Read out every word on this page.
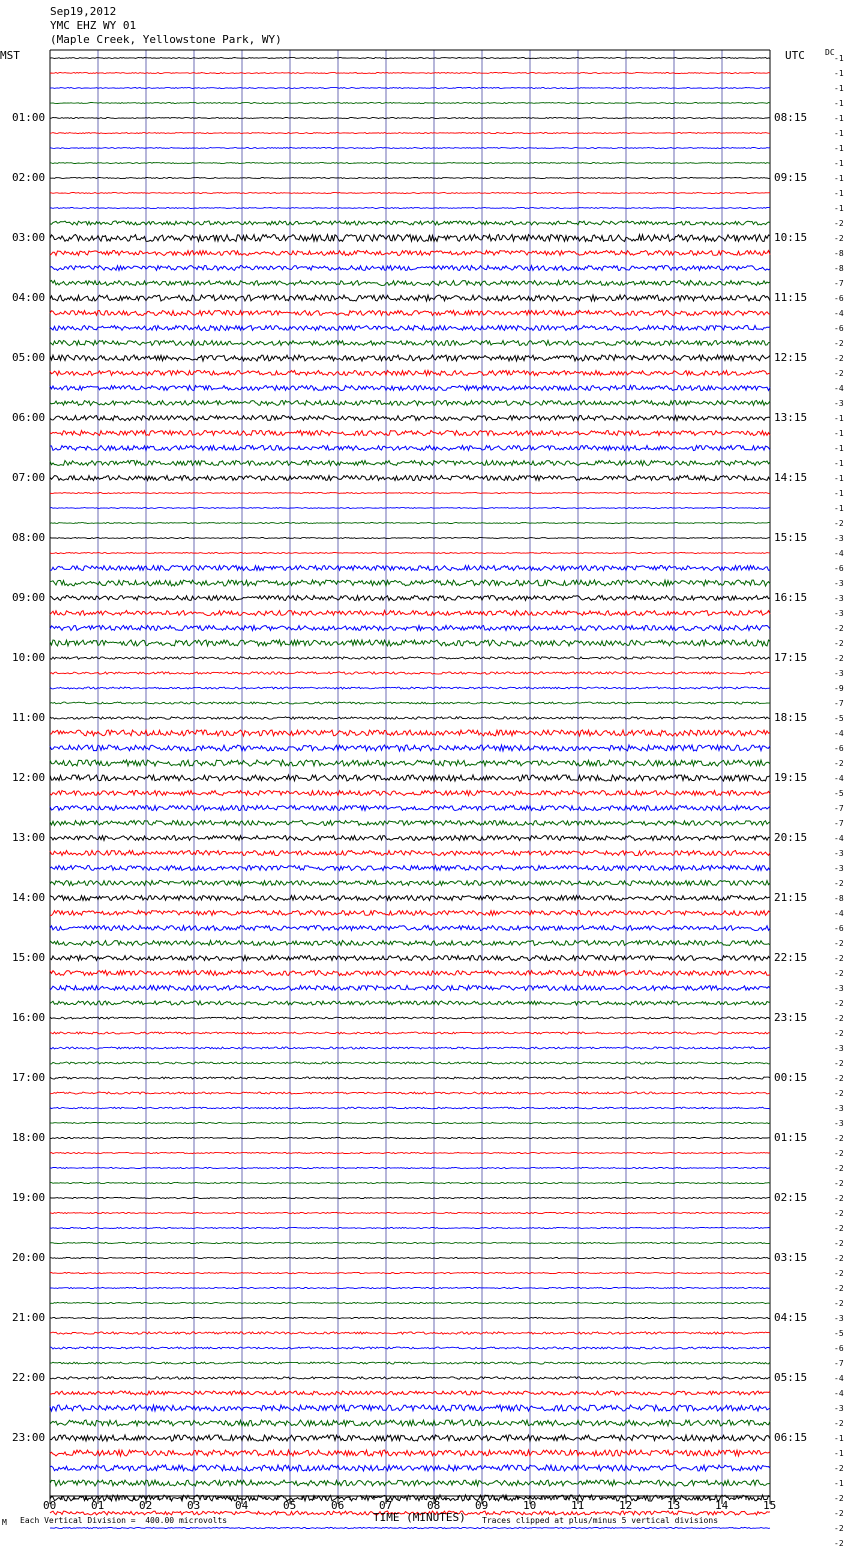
Sep19,2012
YMC EHZ WY 01
(Maple Creek, Yellowstone Park, WY)
MST	UTC	DC
01:00	08:15
02:00	09:15
03:00	10:15
04:00	11:15
05:00	12:15
06:00	13:15
07:00	14:15
08:00	15:15
09:00	16:15
10:00	17:15
11:00	18:15
12:00	19:15
13:00	20:15
14:00	21:15
15:00	22:15
16:00	23:15
17:00	00:15
18:00	01:15
19:00	02:15
20:00	03:15
21:00	04:15
22:00	05:15
23:00	06:15
-1
-1
-1
-1
-1
-1
-1
-1
-1
-1
-1
-2
-2
-8
-8
-7
-6
-4
-6
-2
-2
-2
-4
-3
-1
-1
-1
-1
-1
-1
-1
-2
-3
-4
-6
-3
-3
-3
-2
-2
-2
-3
-9
-7
-5
-4
-6
-2
-4
-5
-7
-7
-4
-3
-3
-2
-8
-4
-6
-2
-2
-2
-3
-2
-2
-2
-3
-2
-2
-2
-3
-3
-2
-2
-2
-2
-2
-2
-2
-2
-2
-2
-2
-2
-3
-5
-6
-7
-4
-4
-3
-2
-1
-1
-2
-1
-2
-2
-2
-2
00	01	02	03	04	05	06	07	08	09	10	11	12	13	14	15
TIME (MINUTES)
Each Vertical Division =  400.00 microvolts	Traces clipped at plus/minus 5 vertical divisions
M
